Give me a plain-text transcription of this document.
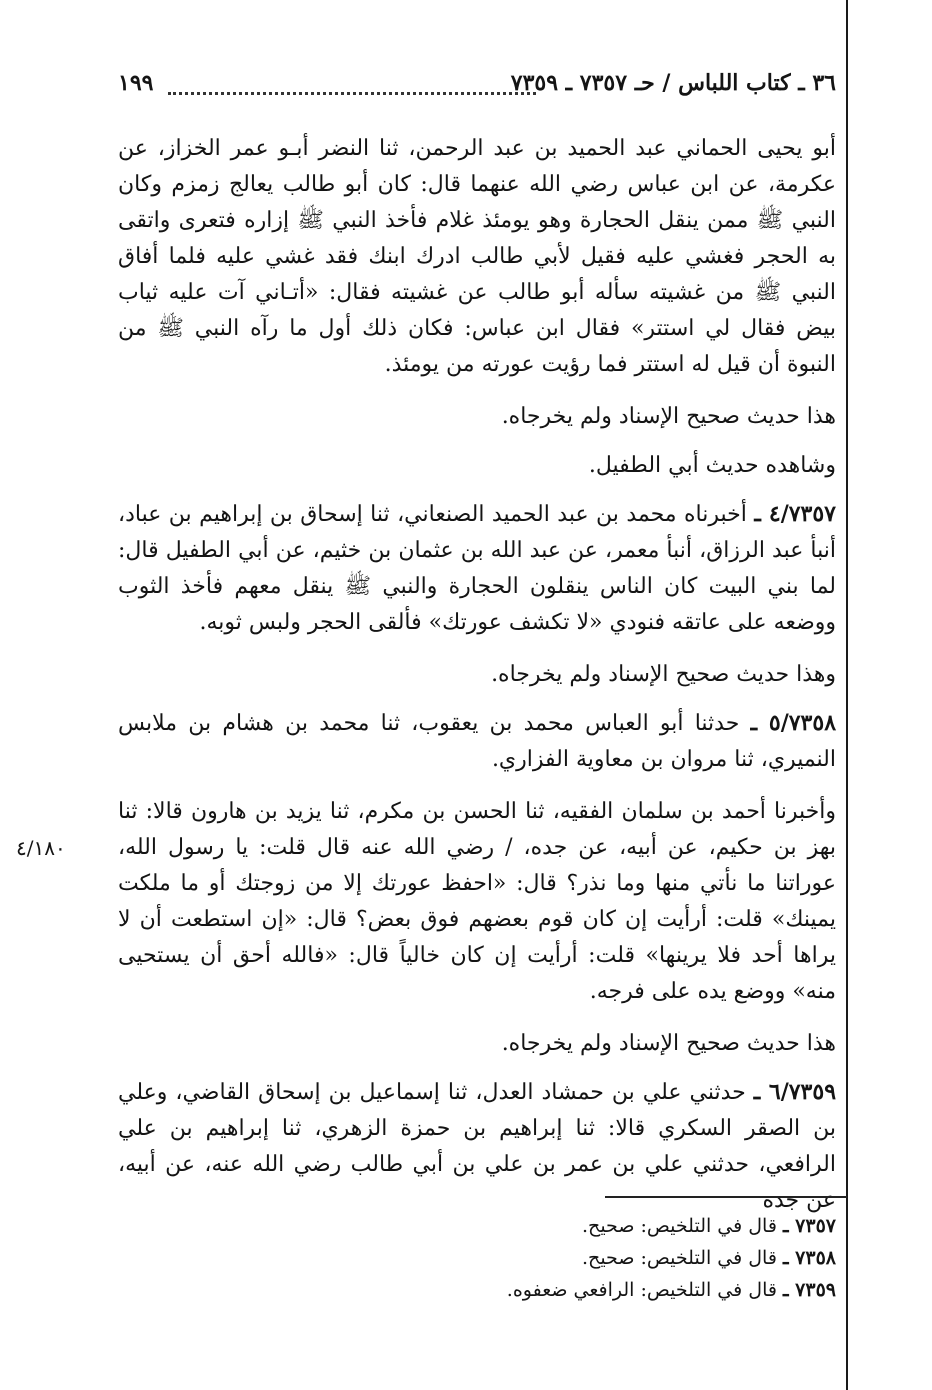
٣٦ ـ كتاب اللباس / حـ ٧٣٥٧ ـ ٧٣٥٩
١٩٩

أبو يحيى الحماني عبد الحميد بن عبد الرحمن، ثنا النضر أبـو عمر الخزاز، عن عكرمة، عن ابن عباس رضي الله عنهما قال: كان أبو طالب يعالج زمزم وكان النبي ﷺ ممن ينقل الحجارة وهو يومئذ غلام فأخذ النبي ﷺ إزاره فتعرى واتقى به الحجر فغشي عليه فقيل لأبي طالب ادرك ابنك فقد غشي عليه فلما أفاق النبي ﷺ من غشيته سأله أبو طالب عن غشيته فقال: «أتـاني آت عليه ثياب بيض فقال لي استتر» فقال ابن عباس: فكان ذلك أول ما رآه النبي ﷺ من النبوة أن قيل له استتر فما رؤيت عورته من يومئذ.

هذا حديث صحيح الإسناد ولم يخرجاه.

وشاهده حديث أبي الطفيل.

٤/٧٣٥٧ ـ أخبرناه محمد بن عبد الحميد الصنعاني، ثنا إسحاق بن إبراهيم بن عباد، أنبأ عبد الرزاق، أنبأ معمر، عن عبد الله بن عثمان بن خثيم، عن أبي الطفيل قال: لما بني البيت كان الناس ينقلون الحجارة والنبي ﷺ ينقل معهم فأخذ الثوب ووضعه على عاتقه فنودي «لا تكشف عورتك» فألقى الحجر ولبس ثوبه.

وهذا حديث صحيح الإسناد ولم يخرجاه.

٥/٧٣٥٨ ـ حدثنا أبو العباس محمد بن يعقوب، ثنا محمد بن هشام بن ملابس النميري، ثنا مروان بن معاوية الفزاري.

وأخبرنا أحمد بن سلمان الفقيه، ثنا الحسن بن مكرم، ثنا يزيد بن هارون قالا: ثنا بهز بن حكيم، عن أبيه، عن جده، / رضي الله عنه قال قلت: يا رسول الله، عوراتنا ما نأتي منها وما نذر؟ قال: «احفظ عورتك إلا من زوجتك أو ما ملكت يمينك» قلت: أرأيت إن كان قوم بعضهم فوق بعض؟ قال: «إن استطعت أن لا يراها أحد فلا يرينها» قلت: أرأيت إن كان خالياً قال: «فالله أحق أن يستحيى منه» ووضع يده على فرجه.

هذا حديث صحيح الإسناد ولم يخرجاه.

٦/٧٣٥٩ ـ حدثني علي بن حمشاد العدل، ثنا إسماعيل بن إسحاق القاضي، وعلي بن الصقر السكري قالا: ثنا إبراهيم بن حمزة الزهري، ثنا إبراهيم بن علي الرافعي، حدثني علي بن عمر بن علي بن أبي طالب رضي الله عنه، عن أبيه، عن جده

٤/١٨٠

٧٣٥٧ ـ قال في التلخيص: صحيح.

٧٣٥٨ ـ قال في التلخيص: صحيح.

٧٣٥٩ ـ قال في التلخيص: الرافعي ضعفوه.
